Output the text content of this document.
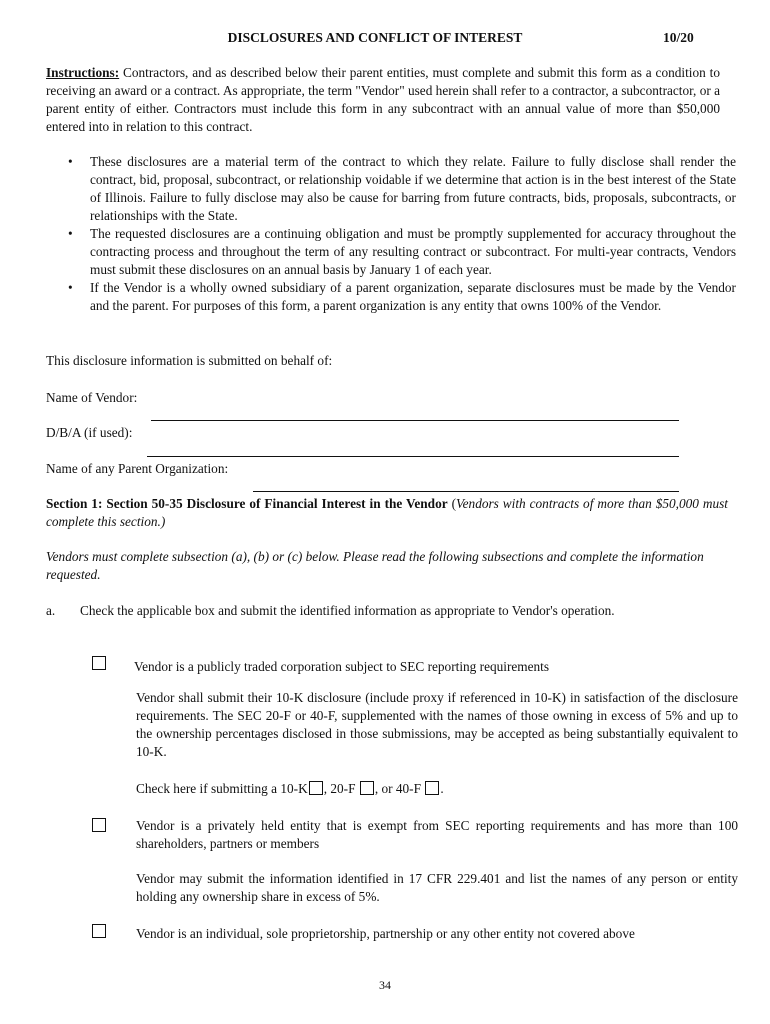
DISCLOSURES AND CONFLICT OF INTEREST	10/20
Instructions: Contractors, and as described below their parent entities, must complete and submit this form as a condition to receiving an award or a contract. As appropriate, the term "Vendor" used herein shall refer to a contractor, a subcontractor, or a parent entity of either. Contractors must include this form in any subcontract with an annual value of more than $50,000 entered into in relation to this contract.
• These disclosures are a material term of the contract to which they relate. Failure to fully disclose shall render the contract, bid, proposal, subcontract, or relationship voidable if we determine that action is in the best interest of the State of Illinois. Failure to fully disclose may also be cause for barring from future contracts, bids, proposals, subcontracts, or relationships with the State.
• The requested disclosures are a continuing obligation and must be promptly supplemented for accuracy throughout the contracting process and throughout the term of any resulting contract or subcontract. For multi-year contracts, Vendors must submit these disclosures on an annual basis by January 1 of each year.
• If the Vendor is a wholly owned subsidiary of a parent organization, separate disclosures must be made by the Vendor and the parent. For purposes of this form, a parent organization is any entity that owns 100% of the Vendor.
This disclosure information is submitted on behalf of:
Name of Vendor:
D/B/A (if used):
Name of any Parent Organization:
Section 1: Section 50-35 Disclosure of Financial Interest in the Vendor (Vendors with contracts of more than $50,000 must complete this section.)
Vendors must complete subsection (a), (b) or (c) below. Please read the following subsections and complete the information requested.
a. Check the applicable box and submit the identified information as appropriate to Vendor's operation.
Vendor is a publicly traded corporation subject to SEC reporting requirements
Vendor shall submit their 10-K disclosure (include proxy if referenced in 10-K) in satisfaction of the disclosure requirements. The SEC 20-F or 40-F, supplemented with the names of those owning in excess of 5% and up to the ownership percentages disclosed in those submissions, may be accepted as being substantially equivalent to 10-K.
Check here if submitting a 10-K , 20-F , or 40-F .
Vendor is a privately held entity that is exempt from SEC reporting requirements and has more than 100 shareholders, partners or members
Vendor may submit the information identified in 17 CFR 229.401 and list the names of any person or entity holding any ownership share in excess of 5%.
Vendor is an individual, sole proprietorship, partnership or any other entity not covered above
34
